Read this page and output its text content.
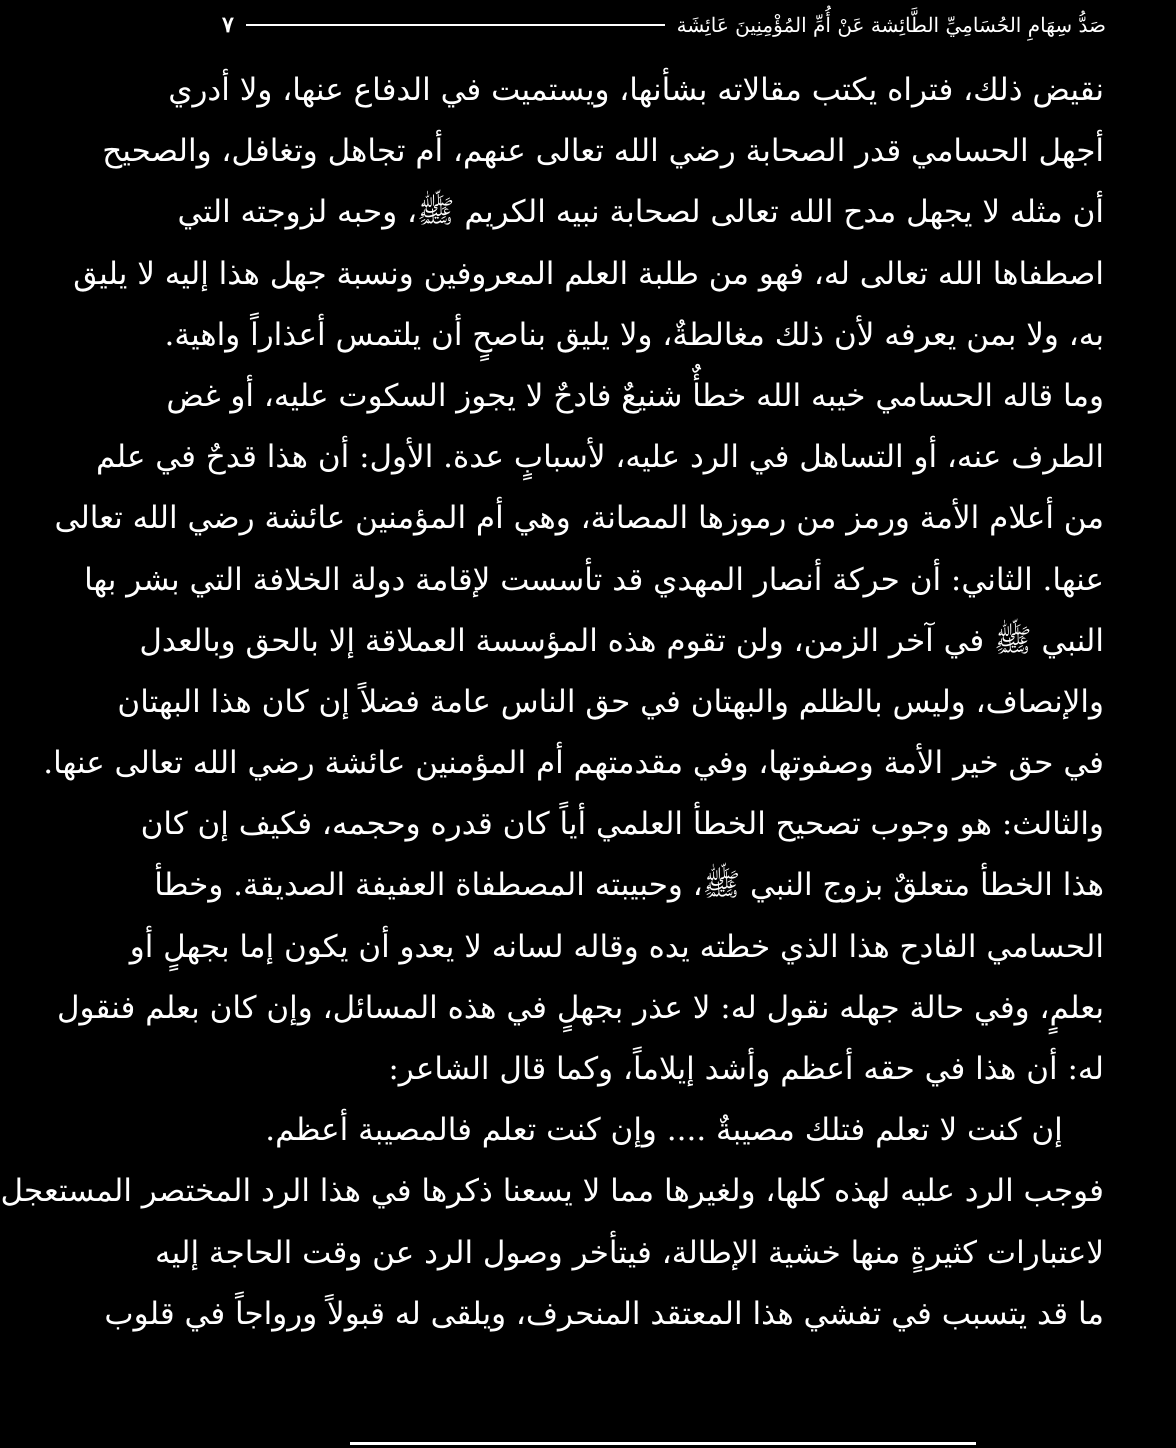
صَدُّ سِهَامِ الحُسَامِيِّ الطَّائِشة عَنْ أُمِّ المُؤْمِنِينَ عَائِشَة
٧
نقيض ذلك، فتراه يكتب مقالاته بشأنها، ويستميت في الدفاع عنها، ولا أدري
أجهل الحسامي قدر الصحابة رضي الله تعالى عنهم، أم تجاهل وتغافل، والصحيح
أن مثله لا يجهل مدح الله تعالى لصحابة نبيه الكريم ﷺ، وحبه لزوجته التي
اصطفاها الله تعالى له، فهو من طلبة العلم المعروفين ونسبة جهل هذا إليه لا يليق
به، ولا بمن يعرفه لأن ذلك مغالطةٌ، ولا يليق بناصحٍ أن يلتمس أعذاراً واهية.
وما قاله الحسامي خيبه الله خطأٌ شنيعٌ فادحٌ لا يجوز السكوت عليه، أو غض
الطرف عنه، أو التساهل في الرد عليه، لأسبابٍ عدة. الأول: أن هذا قدحٌ في علم
من أعلام الأمة ورمز من رموزها المصانة، وهي أم المؤمنين عائشة رضي الله تعالى
عنها. الثاني: أن حركة أنصار المهدي قد تأسست لإقامة دولة الخلافة التي بشر بها
النبي ﷺ في آخر الزمن، ولن تقوم هذه المؤسسة العملاقة إلا بالحق وبالعدل
والإنصاف، وليس بالظلم والبهتان في حق الناس عامة فضلاً إن كان هذا البهتان
في حق خير الأمة وصفوتها، وفي مقدمتهم أم المؤمنين عائشة رضي الله تعالى عنها.
والثالث: هو وجوب تصحيح الخطأ العلمي أياً كان قدره وحجمه، فكيف إن كان
هذا الخطأ متعلقٌ بزوج النبي ﷺ، وحبيبته المصطفاة العفيفة الصديقة. وخطأ
الحسامي الفادح هذا الذي خطته يده وقاله لسانه لا يعدو أن يكون إما بجهلٍ أو
بعلمٍ، وفي حالة جهله نقول له: لا عذر بجهلٍ في هذه المسائل، وإن كان بعلم فنقول
له: أن هذا في حقه أعظم وأشد إيلاماً، وكما قال الشاعر:
إن كنت لا تعلم فتلك مصيبةٌ .... وإن كنت تعلم فالمصيبة أعظم.
فوجب الرد عليه لهذه كلها، ولغيرها مما لا يسعنا ذكرها في هذا الرد المختصر المستعجل
لاعتبارات كثيرةٍ منها خشية الإطالة، فيتأخر وصول الرد عن وقت الحاجة إليه
ما قد يتسبب في تفشي هذا المعتقد المنحرف، ويلقى له قبولاً ورواجاً في قلوب
